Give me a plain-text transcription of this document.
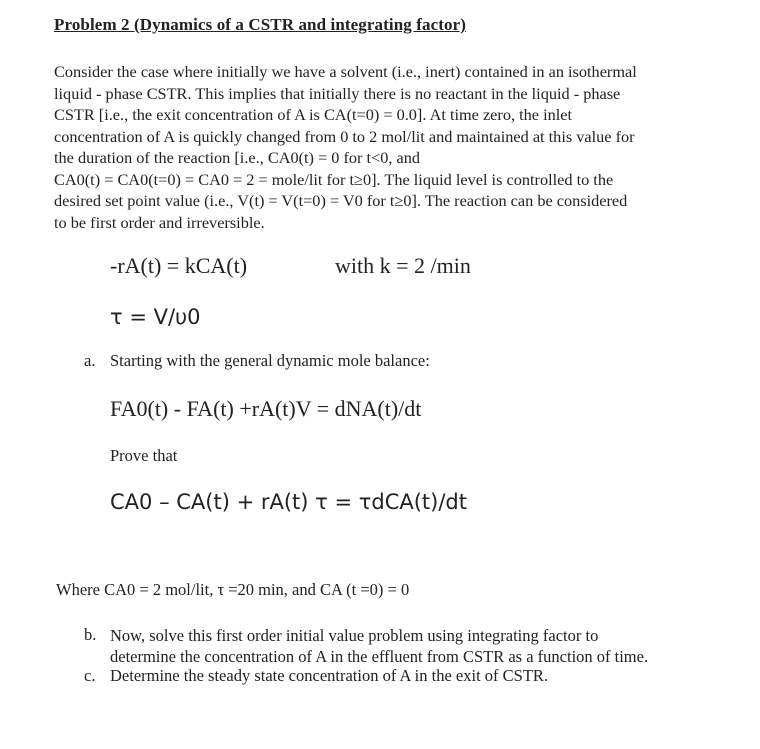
Problem 2 (Dynamics of a CSTR and integrating factor)
Consider the case where initially we have a solvent (i.e., inert) contained in an isothermal
liquid - phase CSTR. This implies that initially there is no reactant in the liquid - phase
CSTR [i.e., the exit concentration of A is CA(t=0) = 0.0]. At time zero, the inlet
concentration of A is quickly changed from 0 to 2 mol/lit and maintained at this value for
the duration of the reaction [i.e., CA0(t) = 0 for t<0, and
CA0(t) = CA0(t=0) = CA0 = 2 = mole/lit for t≥0]. The liquid level is controlled to the
desired set point value (i.e., V(t) = V(t=0) = V0 for t≥0]. The reaction can be considered
to be first order and irreversible.
-rA(t) = kCA(t)	with k = 2 /min
τ = V/υ0
a. Starting with the general dynamic mole balance:
FA0(t) - FA(t) +rA(t)V = dNA(t)/dt
Prove that
CA0 – CA(t) + rA(t) τ = τdCA(t)/dt
Where CA0 = 2 mol/lit, τ =20 min, and CA (t =0) = 0
b. Now, solve this first order initial value problem using integrating factor to
determine the concentration of A in the effluent from CSTR as a function of time.
c. Determine the steady state concentration of A in the exit of CSTR.
